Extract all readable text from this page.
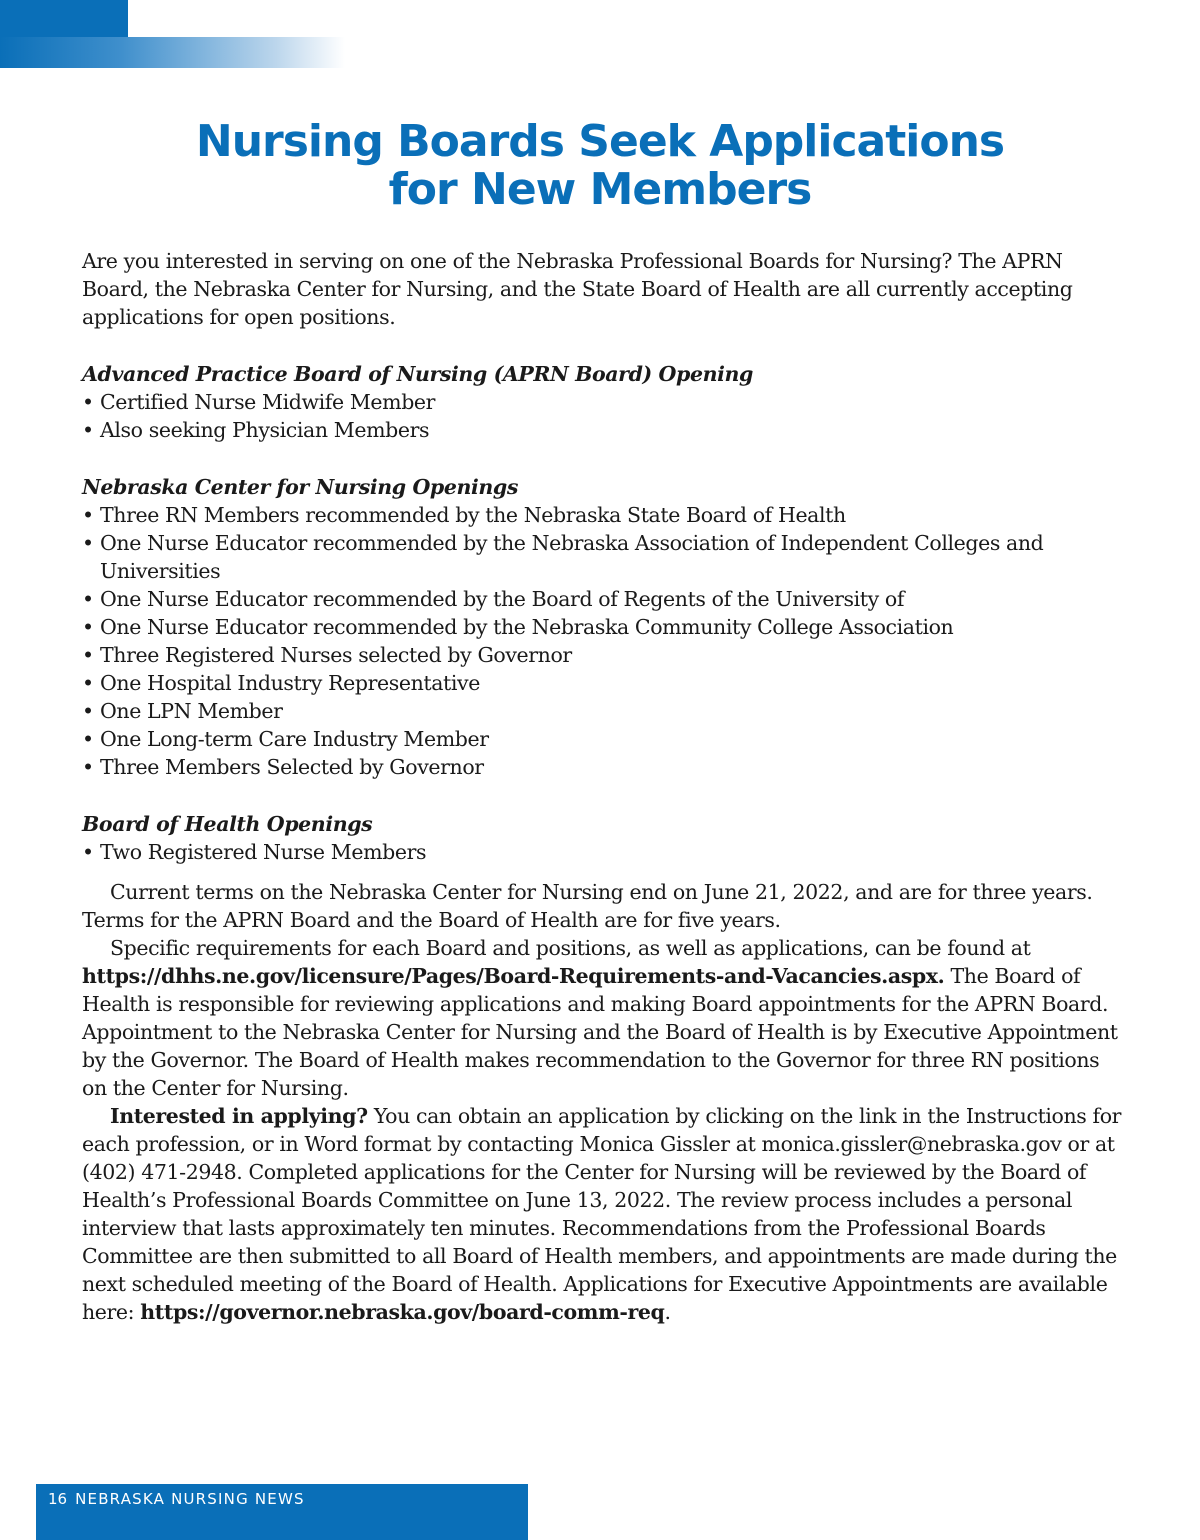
Nursing Boards Seek Applications
for New Members

Are you interested in serving on one of the Nebraska Professional Boards for Nursing? The APRN Board, the Nebraska Center for Nursing, and the State Board of Health are all currently accepting applications for open positions.

Advanced Practice Board of Nursing (APRN Board) Opening

• Certified Nurse Midwife Member
• Also seeking Physician Members

Nebraska Center for Nursing Openings

• Three RN Members recommended by the Nebraska State Board of Health
• One Nurse Educator recommended by the Nebraska Association of Independent Colleges and Universities
• One Nurse Educator recommended by the Board of Regents of the University of
• One Nurse Educator recommended by the Nebraska Community College Association
• Three Registered Nurses selected by Governor
• One Hospital Industry Representative
• One LPN Member
• One Long-term Care Industry Member
• Three Members Selected by Governor

Board of Health Openings

• Two Registered Nurse Members

Current terms on the Nebraska Center for Nursing end on June 21, 2022, and are for three years. Terms for the APRN Board and the Board of Health are for five years.

Specific requirements for each Board and positions, as well as applications, can be found at https://dhhs.ne.gov/licensure/Pages/Board-Requirements-and-Vacancies.aspx. The Board of Health is responsible for reviewing applications and making Board appointments for the APRN Board. Appointment to the Nebraska Center for Nursing and the Board of Health is by Executive Appointment by the Governor. The Board of Health makes recommendation to the Governor for three RN positions on the Center for Nursing.

Interested in applying? You can obtain an application by clicking on the link in the Instructions for each profession, or in Word format by contacting Monica Gissler at monica.gissler@nebraska.gov or at (402) 471-2948. Completed applications for the Center for Nursing will be reviewed by the Board of Health’s Professional Boards Committee on June 13, 2022. The review process includes a personal interview that lasts approximately ten minutes. Recommendations from the Professional Boards Committee are then submitted to all Board of Health members, and appointments are made during the next scheduled meeting of the Board of Health. Applications for Executive Appointments are available here: https://governor.nebraska.gov/board-comm-req.

16 NEBRASKA NURSING NEWS
